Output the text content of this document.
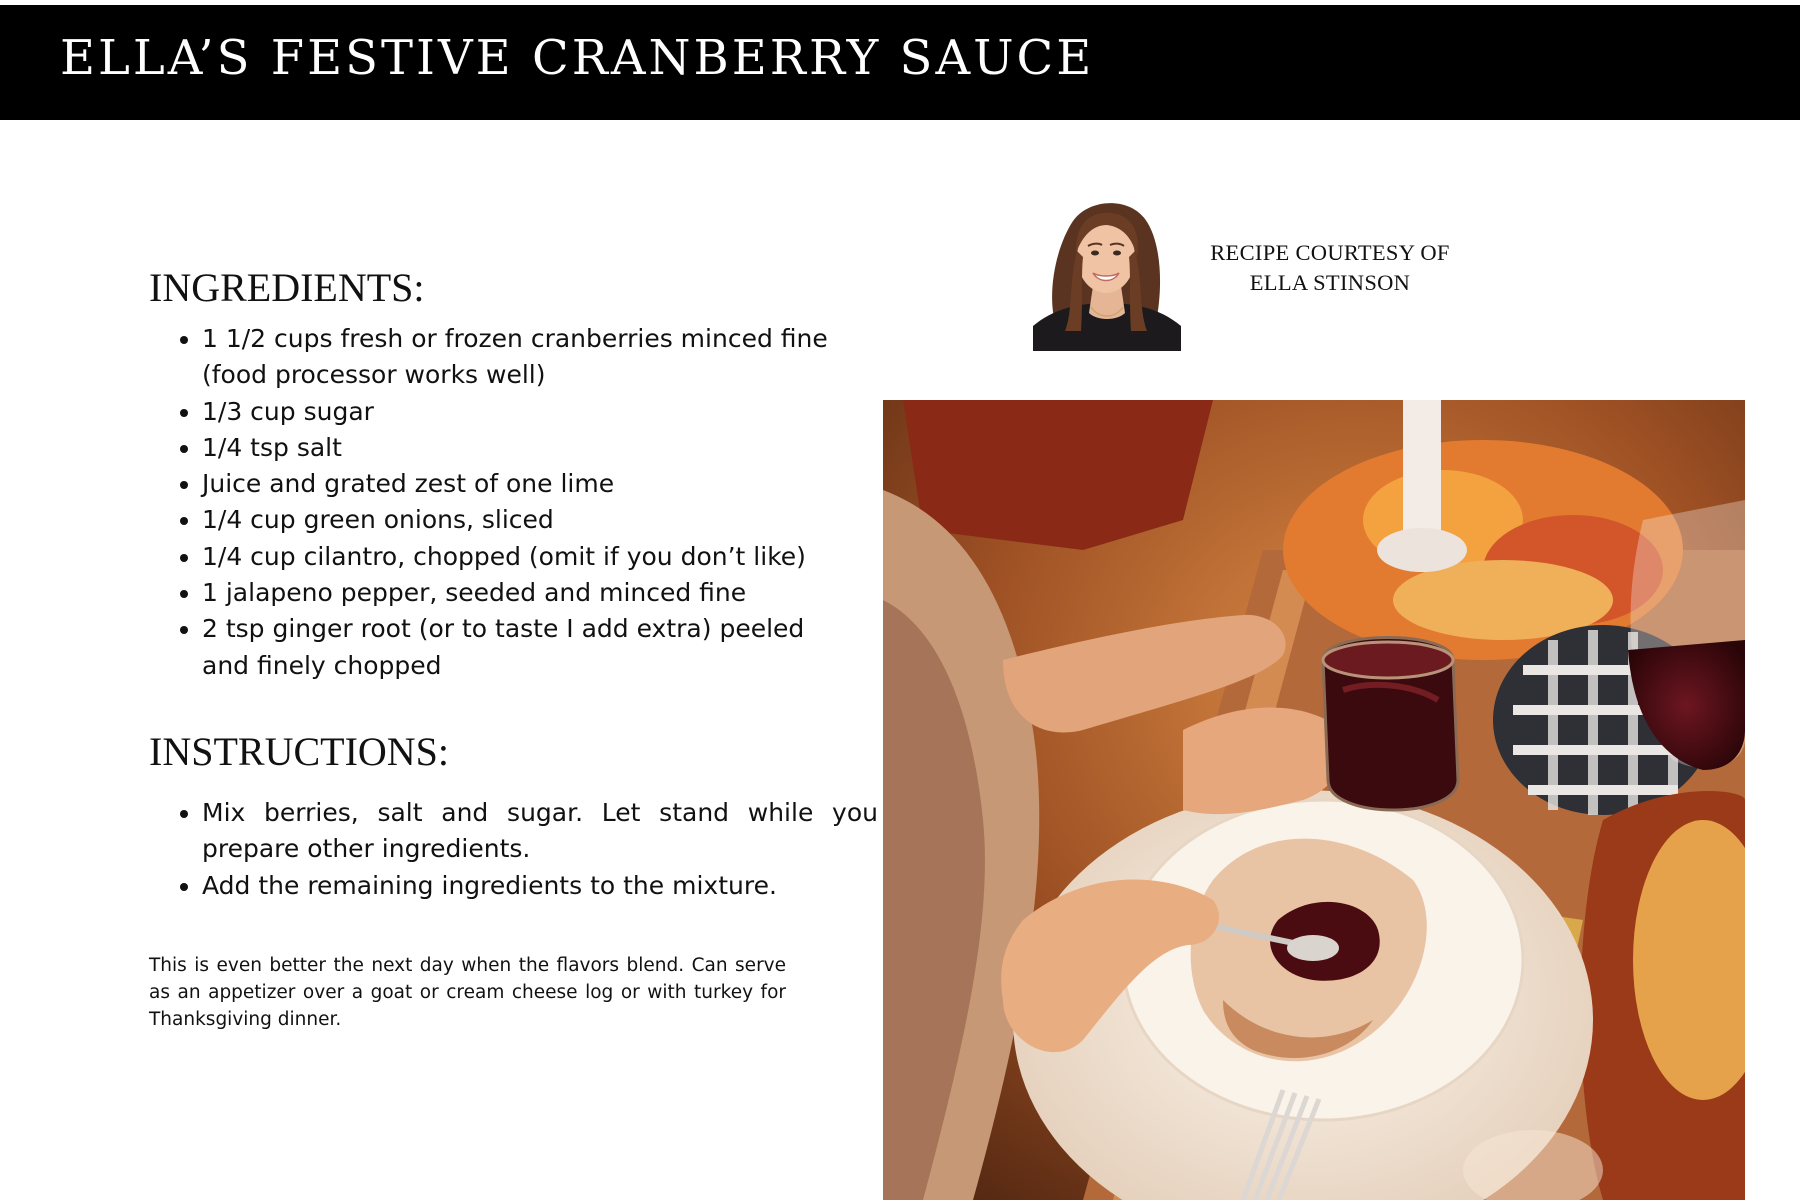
ELLA’S FESTIVE CRANBERRY SAUCE
INGREDIENTS:
• 1 1/2 cups fresh or frozen cranberries minced fine (food processor works well)
• 1/3 cup sugar
• 1/4 tsp salt
• Juice and grated zest of one lime
• 1/4 cup green onions, sliced
• 1/4 cup cilantro, chopped (omit if you don’t like)
• 1 jalapeno pepper, seeded and minced fine
• 2 tsp ginger root (or to taste I add extra) peeled and finely chopped
INSTRUCTIONS:
• Mix berries, salt and sugar. Let stand while you prepare other ingredients.
• Add the remaining ingredients to the mixture.

This is even better the next day when the flavors blend. Can serve as an appetizer over a goat or cream cheese log or with turkey for Thanksgiving dinner.

RECIPE COURTESY OF
ELLA STINSON
